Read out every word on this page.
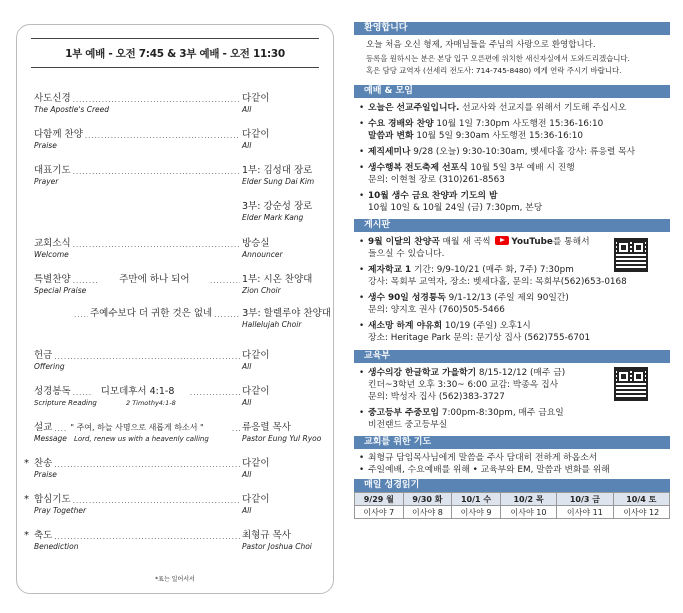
1부 예배 - 오전 7:45 & 3부 예배 - 오전 11:30
사도신경 .....	다같이
The Apostle's Creed	All
다함께 찬양 .....	다같이
Praise	All
대표기도 .....	1부: 김성대 장로
Prayer	Elder Sung Dai Kim
3부: 강순성 장로
Elder Mark Kang
교회소식 .....	방승실
Welcome	Announcer
특별찬양 .....	주만에 하나 되어 .....	1부: 시온 찬양대
Special Praise	Zion Choir
.....
주예수보다 더 귀한 것은 없네 .....	3부: 할렐루야 찬양대
Hallelujah Choir
헌금 .....	다같이
Offering	All
성경봉독 .....	디모데후서 4:1-8 .....	다같이
Scripture Reading	2 Timothy4:1-8	All
설교 ..... " 주여, 하늘 사명으로 새롭게 하소서 " .....	류응렬 목사
Message	Lord, renew us with a heavenly calling	Pastor Eung Yul Ryoo
* 찬송 .....	다같이
Praise	All
* 합심기도 .....	다같이
Pray Together	All
* 축도 .....	최형규 목사
Benediction	Pastor Joshua Choi
*표는 일어서서
환영합니다
오늘 처음 오신 형제, 자매님들을 주님의 사랑으로 환영합니다.
등록을 원하시는 분은 본당 입구 오른편에 위치한 새신자실에서 도와드리겠습니다.
혹은 담당 교역자 (선세리 전도사: 714-745-8480) 에게 연락 주시기 바랍니다.
예배 & 모임
• 오늘은 선교주일입니다. 선교사와 선교지를 위해서 기도해 주십시오
• 수요 경배와 찬양 10월 1일 7:30pm 사도행전 15:36-16:10
말씀과 변화 10월 5일 9:30am 사도행전 15:36-16:10
• 제직세미나 9/28 (오늘) 9:30-10:30am, 벳세다홀 강사: 류응렬 목사
• 생수행복 전도축제 선포식 10월 5일 3부 예배 시 진행
문의: 이현철 장로 (310)261-8563
• 10월 생수 금요 찬양과 기도의 밤
10월 10일 & 10월 24일 (금) 7:30pm, 본당
게시판
• 9월 이달의 찬양곡 매월 새 곡씩 YouTube를 통해서
들으실 수 있습니다.
• 제자학교 1 기간: 9/9-10/21 (매주 화, 7주) 7:30pm
강사: 목회부 교역자, 장소: 벳세다홀, 문의: 목회부(562)653-0168
• 생수 90일 성경통독 9/1-12/13 (주일 제외 90일간)
문의: 양지호 권사 (760)505-5466
• 새소망 하계 야유회 10/19 (주일) 오후1시
장소: Heritage Park 문의: 문기상 집사 (562)755-6701
교육부
• 생수의강 한글학교 가을학기 8/15-12/12 (매주 금)
킨더~3학년 오후 3:30~ 6:00 교감: 박종옥 집사
문의: 박성자 집사 (562)383-3727
• 중고등부 주중모임 7:00pm-8:30pm, 매주 금요일
비전랜드 중고등부실
교회를 위한 기도
• 최형규 담임목사님에게 말씀을 주사 담대히 전하게 하옵소서
• 주일예배, 수요예배를 위해 • 교육부와 EM, 말씀과 변화를 위해
매일 성경읽기
9/29 월	9/30 화	10/1 수	10/2 목	10/3 금	10/4 토
이사야 7	이사야 8	이사야 9	이사야 10	이사야 11	이사야 12
